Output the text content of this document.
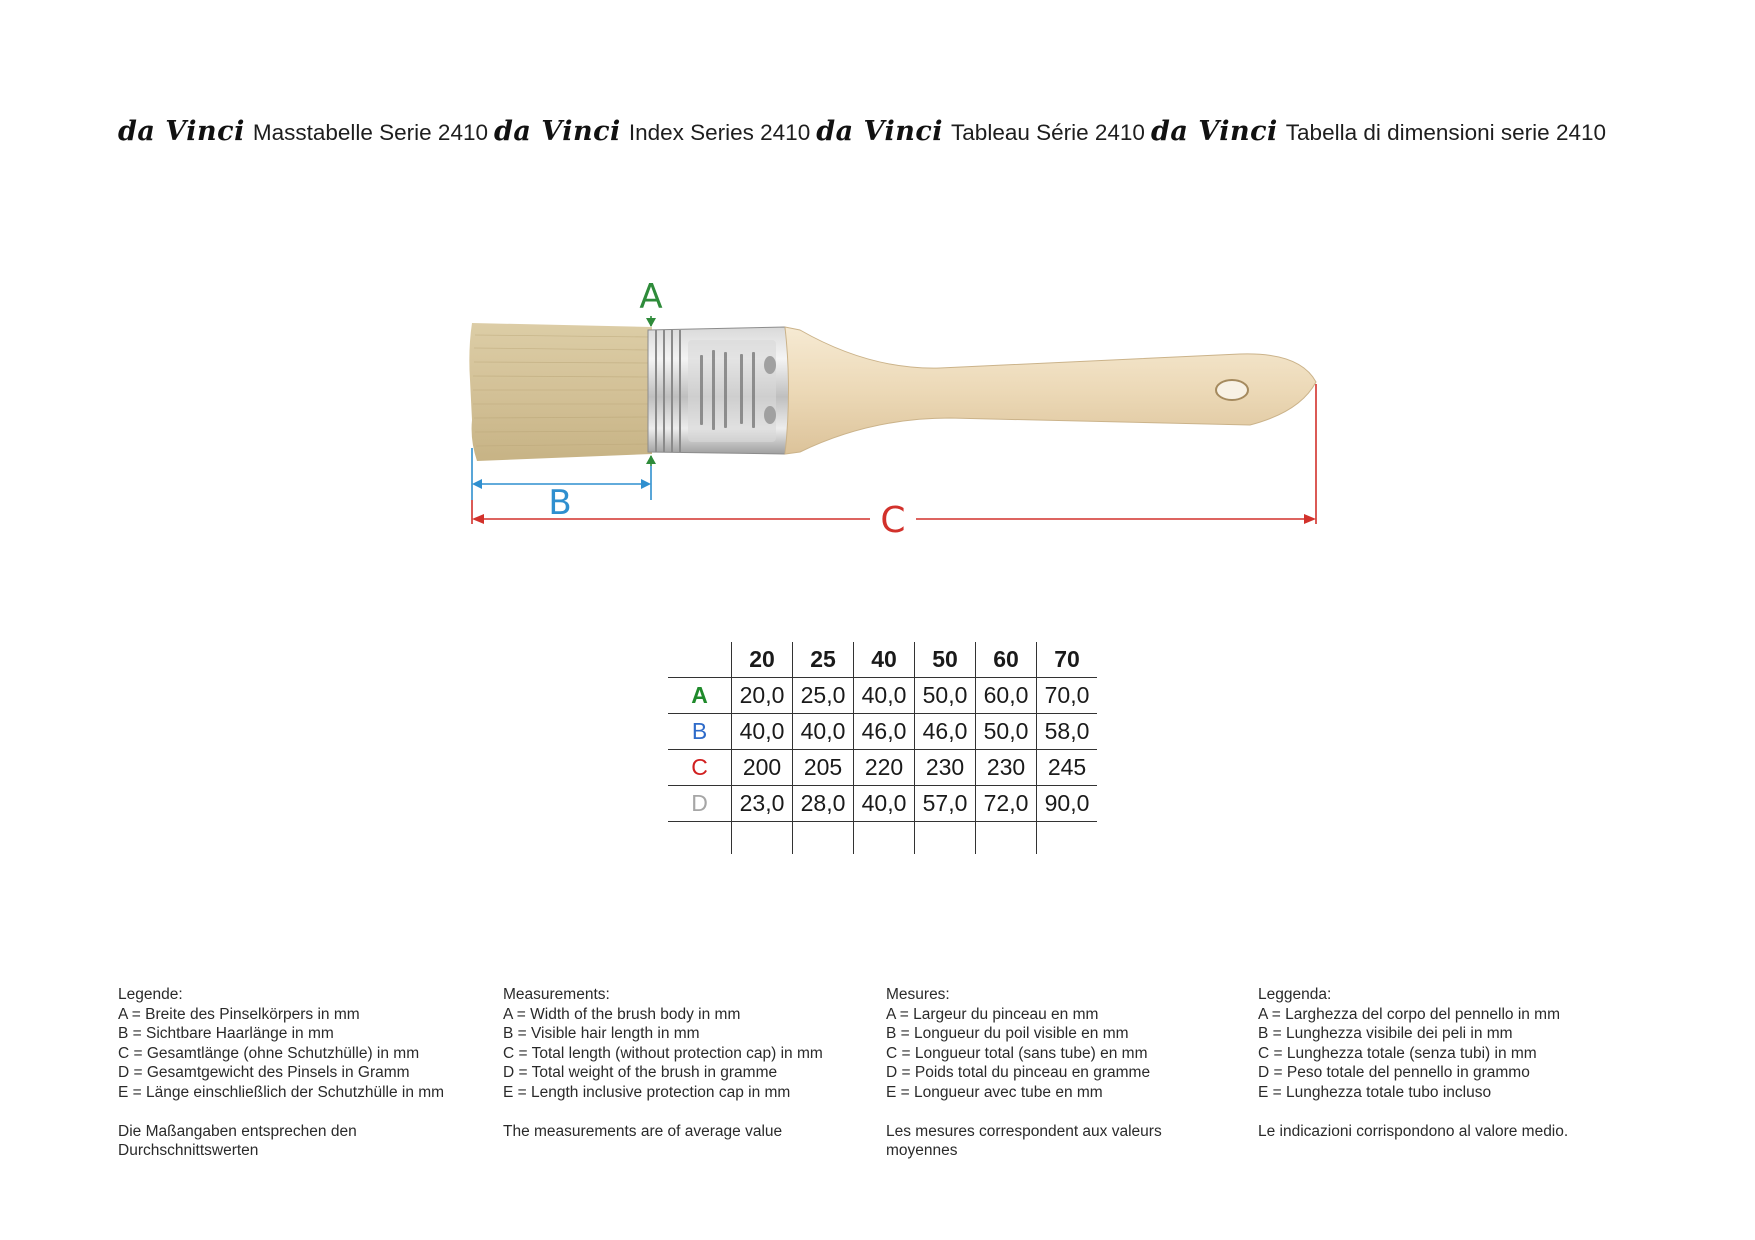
da Vinci Masstabelle Serie 2410 da Vinci Index Series 2410 da Vinci Tableau Série 2410 da Vinci Tabella di dimensioni serie 2410
A
B	C
	20	25	40	50	60	70
A	20,0	25,0	40,0	50,0	60,0	70,0
B	40,0	40,0	46,0	46,0	50,0	58,0
C	200	205	220	230	230	245
D	23,0	28,0	40,0	57,0	72,0	90,0

Legende:
A = Breite des Pinselkörpers in mm
B = Sichtbare Haarlänge in mm
C = Gesamtlänge (ohne Schutzhülle) in mm
D = Gesamtgewicht des Pinsels in Gramm
E = Länge einschließlich der Schutzhülle in mm
Die Maßangaben entsprechen den Durchschnittswerten
Measurements:
A = Width of the brush body in mm
B = Visible hair length in mm
C = Total length (without protection cap) in mm
D = Total weight of the brush in gramme
E = Length inclusive protection cap in mm
The measurements are of average value
Mesures:
A = Largeur du pinceau en mm
B = Longueur du poil visible en mm
C = Longueur total (sans tube) en mm
D = Poids total du pinceau en gramme
E = Longueur avec tube en mm
Les mesures correspondent aux valeurs moyennes
Leggenda:
A = Larghezza del corpo del pennello in mm
B = Lunghezza visibile dei peli in mm
C = Lunghezza totale (senza tubi) in mm
D = Peso totale del pennello in grammo
E = Lunghezza totale tubo incluso
Le indicazioni corrispondono al valore medio.
